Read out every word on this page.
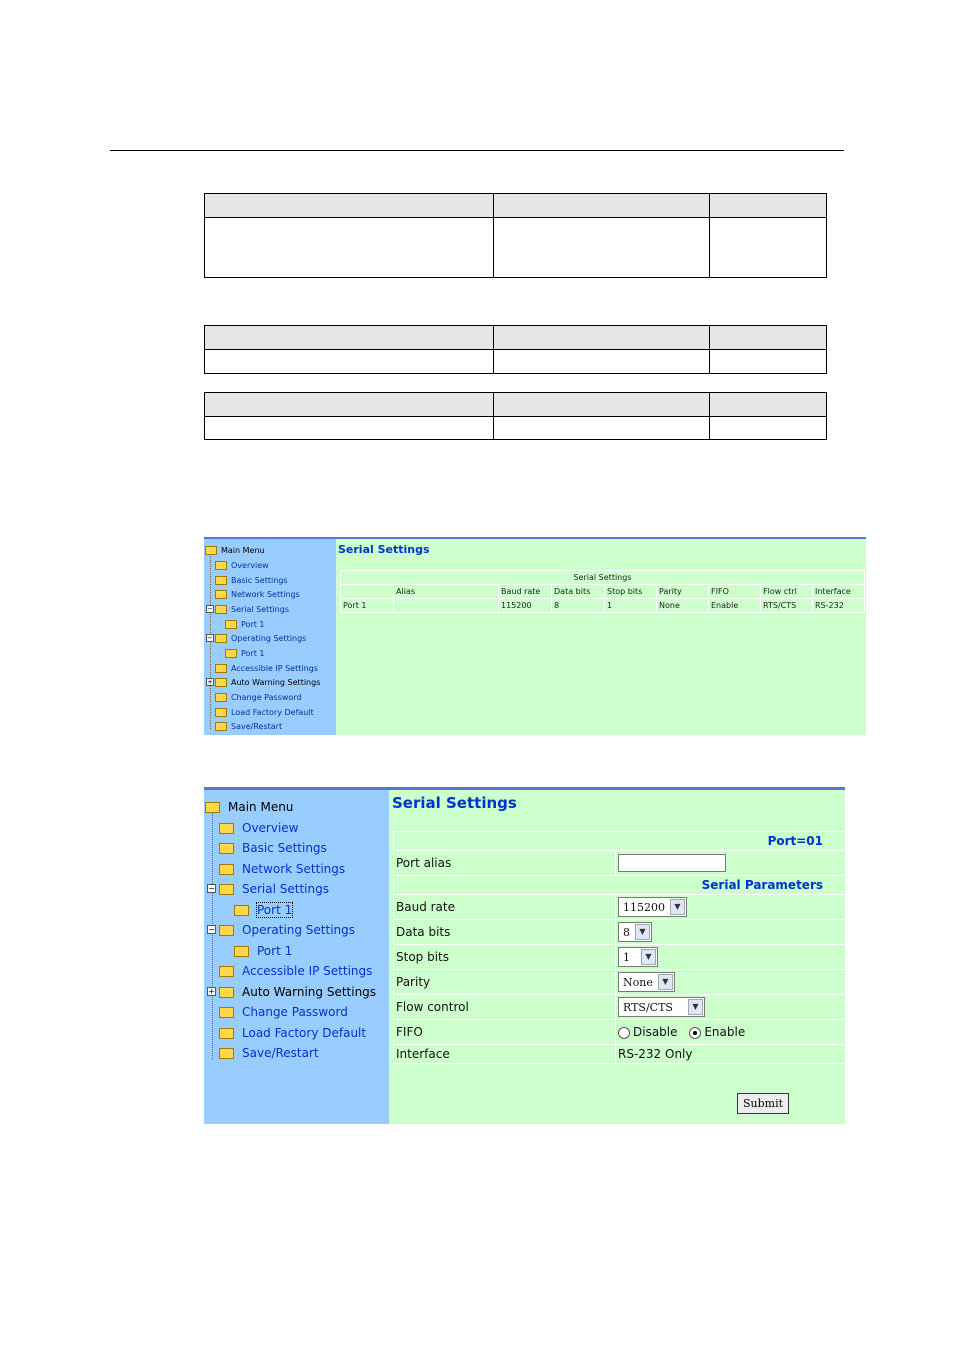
Main Menu
Overview
Basic Settings
Network Settings
−	Serial Settings
Port 1
−	Operating Settings
Port 1
Accessible IP Settings
+	Auto Warning Settings
Change Password
Load Factory Default
Save/Restart
Serial Settings
Serial Settings								
	Alias	Baud rate	Data bits	Stop bits	Parity	FIFO	Flow ctrl	Interface
Port 1		115200	8	1	None	Enable	RTS/CTS	RS-232
Main Menu
Overview
Basic Settings
Network Settings
−	Serial Settings
Port 1
−	Operating Settings
Port 1
Accessible IP Settings
+	Auto Warning Settings
Change Password
Load Factory Default
Save/Restart
Serial Settings
Port=01	
Port alias	
Serial Parameters	
Baud rate	115200 ▼

Data bits	8 ▼

Stop bits	1 ▼

Parity	None ▼

Flow control	RTS/CTS ▼

FIFO	Disable Enable
Interface	RS-232 Only
Submit
